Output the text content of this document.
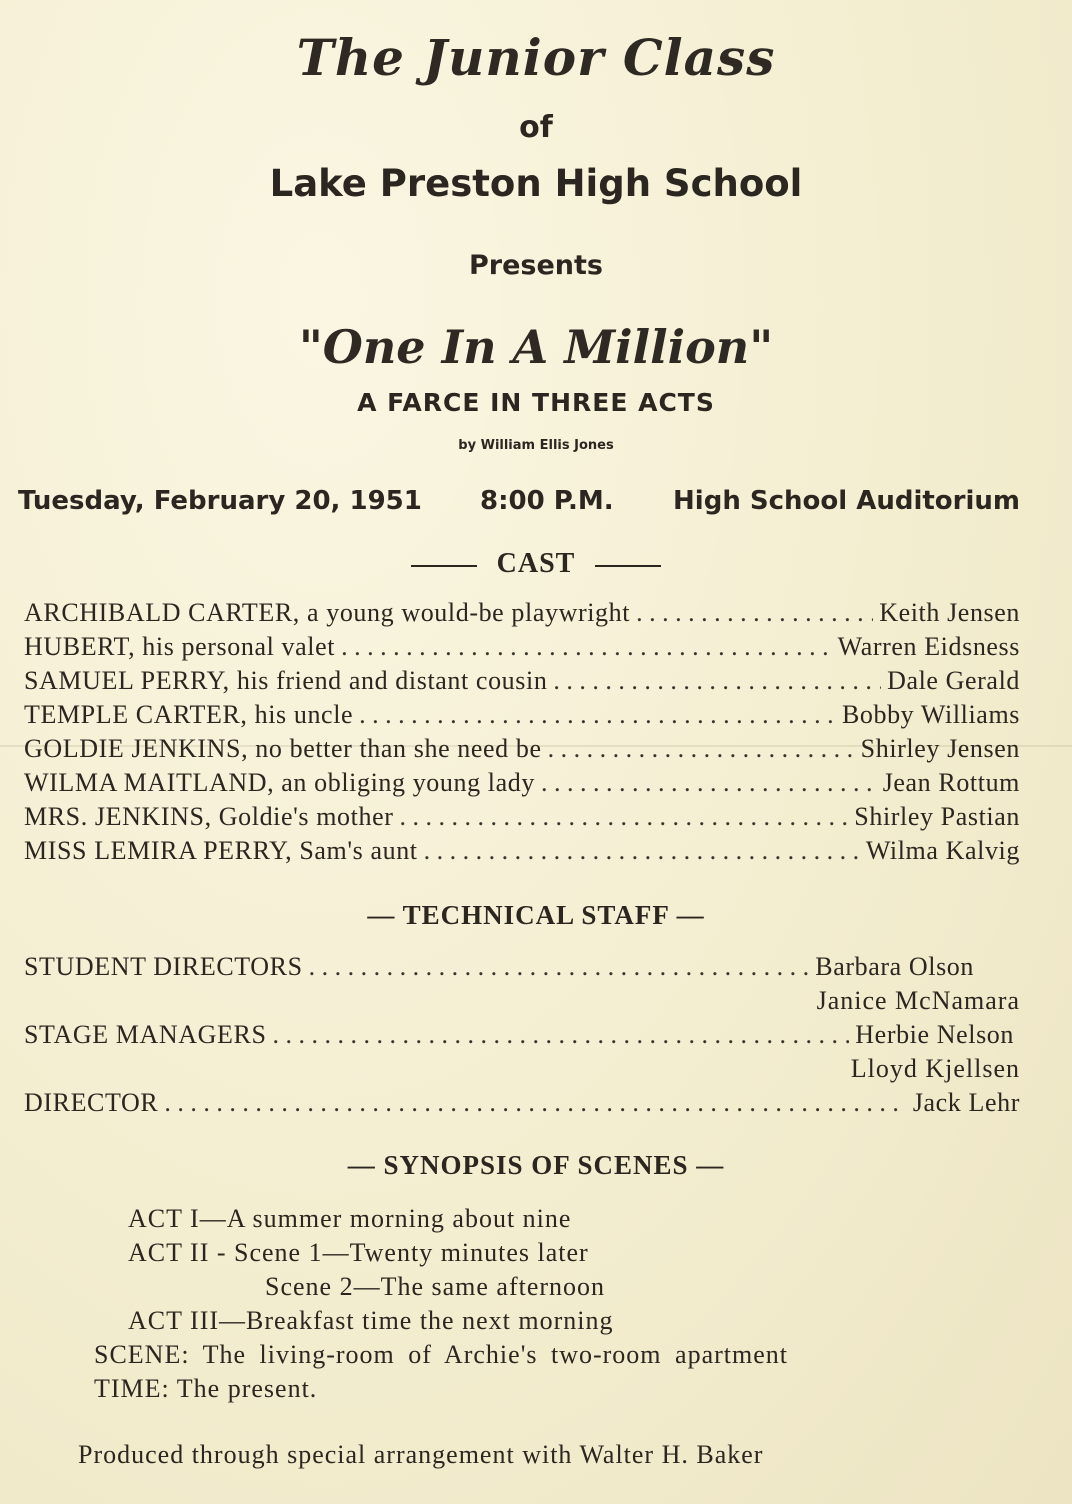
The Junior Class
of
Lake Preston High School
Presents
"One In A Million"
A FARCE IN THREE ACTS
by William Ellis Jones
Tuesday, February 20, 1951 8:00 P.M. High School Auditorium
CAST
ARCHIBALD CARTER, a young would-be playwright . . .	Keith Jensen
HUBERT, his personal valet . . .	Warren Eidsness
SAMUEL PERRY, his friend and distant cousin . . .	Dale Gerald
TEMPLE CARTER, his uncle . . .	Bobby Williams
GOLDIE JENKINS, no better than she need be . . .	Shirley Jensen
WILMA MAITLAND, an obliging young lady . . .	Jean Rottum
MRS. JENKINS, Goldie's mother . . .	Shirley Pastian
MISS LEMIRA PERRY, Sam's aunt . . .	Wilma Kalvig
— TECHNICAL STAFF —
STUDENT DIRECTORS . . .	Barbara Olson
Janice McNamara
STAGE MANAGERS . . .	Herbie Nelson
Lloyd Kjellsen
DIRECTOR . . .	Jack Lehr
— SYNOPSIS OF SCENES —
ACT I—A summer morning about nine
ACT II - Scene 1—Twenty minutes later
Scene 2—The same afternoon
ACT III—Breakfast time the next morning
SCENE: The living-room of Archie's two-room apartment
TIME: The present.
Produced through special arrangement with Walter H. Baker
